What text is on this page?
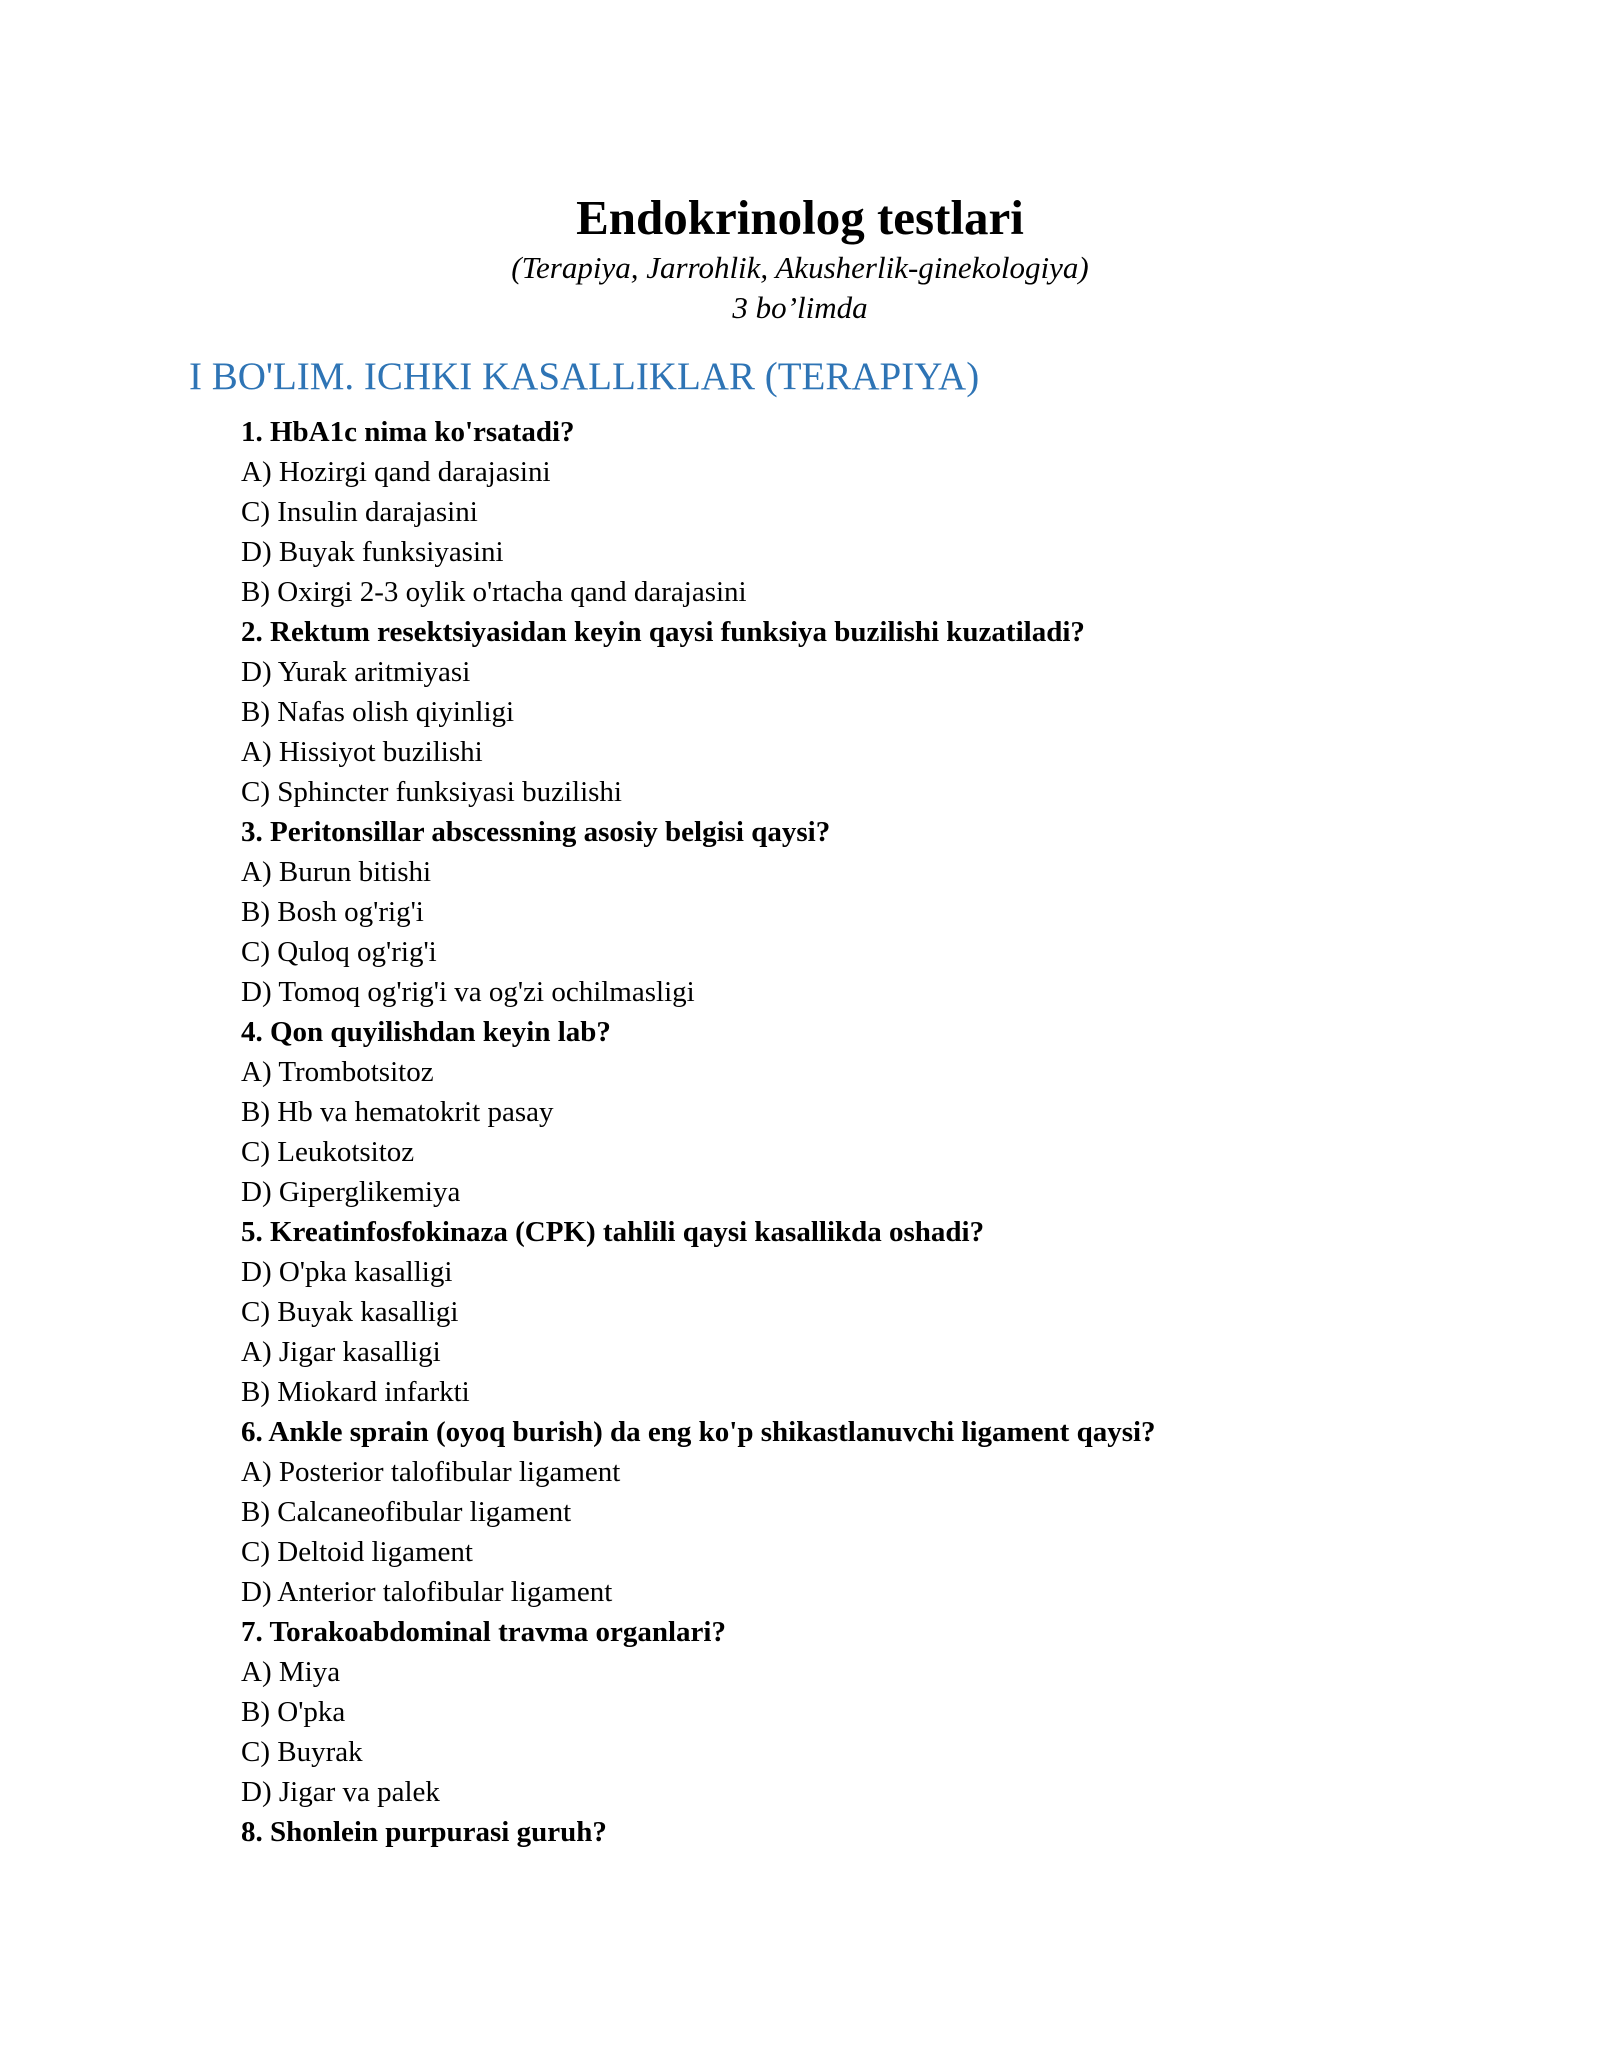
Endokrinolog testlari
(Terapiya, Jarrohlik, Akusherlik-ginekologiya)
3 bo’limda
I BO'LIM. ICHKI KASALLIKLAR (TERAPIYA)
1. HbA1c nima ko'rsatadi?
A) Hozirgi qand darajasini
C) Insulin darajasini
D) Buyak funksiyasini
B) Oxirgi 2-3 oylik o'rtacha qand darajasini
2. Rektum resektsiyasidan keyin qaysi funksiya buzilishi kuzatiladi?
D) Yurak aritmiyasi
B) Nafas olish qiyinligi
A) Hissiyot buzilishi
C) Sphincter funksiyasi buzilishi
3. Peritonsillar abscessning asosiy belgisi qaysi?
A) Burun bitishi
B) Bosh og'rig'i
C) Quloq og'rig'i
D) Tomoq og'rig'i va og'zi ochilmasligi
4. Qon quyilishdan keyin lab?
A) Trombotsitoz
B) Hb va hematokrit pasay
C) Leukotsitoz
D) Giperglikemiya
5. Kreatinfosfokinaza (CPK) tahlili qaysi kasallikda oshadi?
D) O'pka kasalligi
C) Buyak kasalligi
A) Jigar kasalligi
B) Miokard infarkti
6. Ankle sprain (oyoq burish) da eng ko'p shikastlanuvchi ligament qaysi?
A) Posterior talofibular ligament
B) Calcaneofibular ligament
C) Deltoid ligament
D) Anterior talofibular ligament
7. Torakoabdominal travma organlari?
A) Miya
B) O'pka
C) Buyrak
D) Jigar va palek
8. Shonlein purpurasi guruh?
